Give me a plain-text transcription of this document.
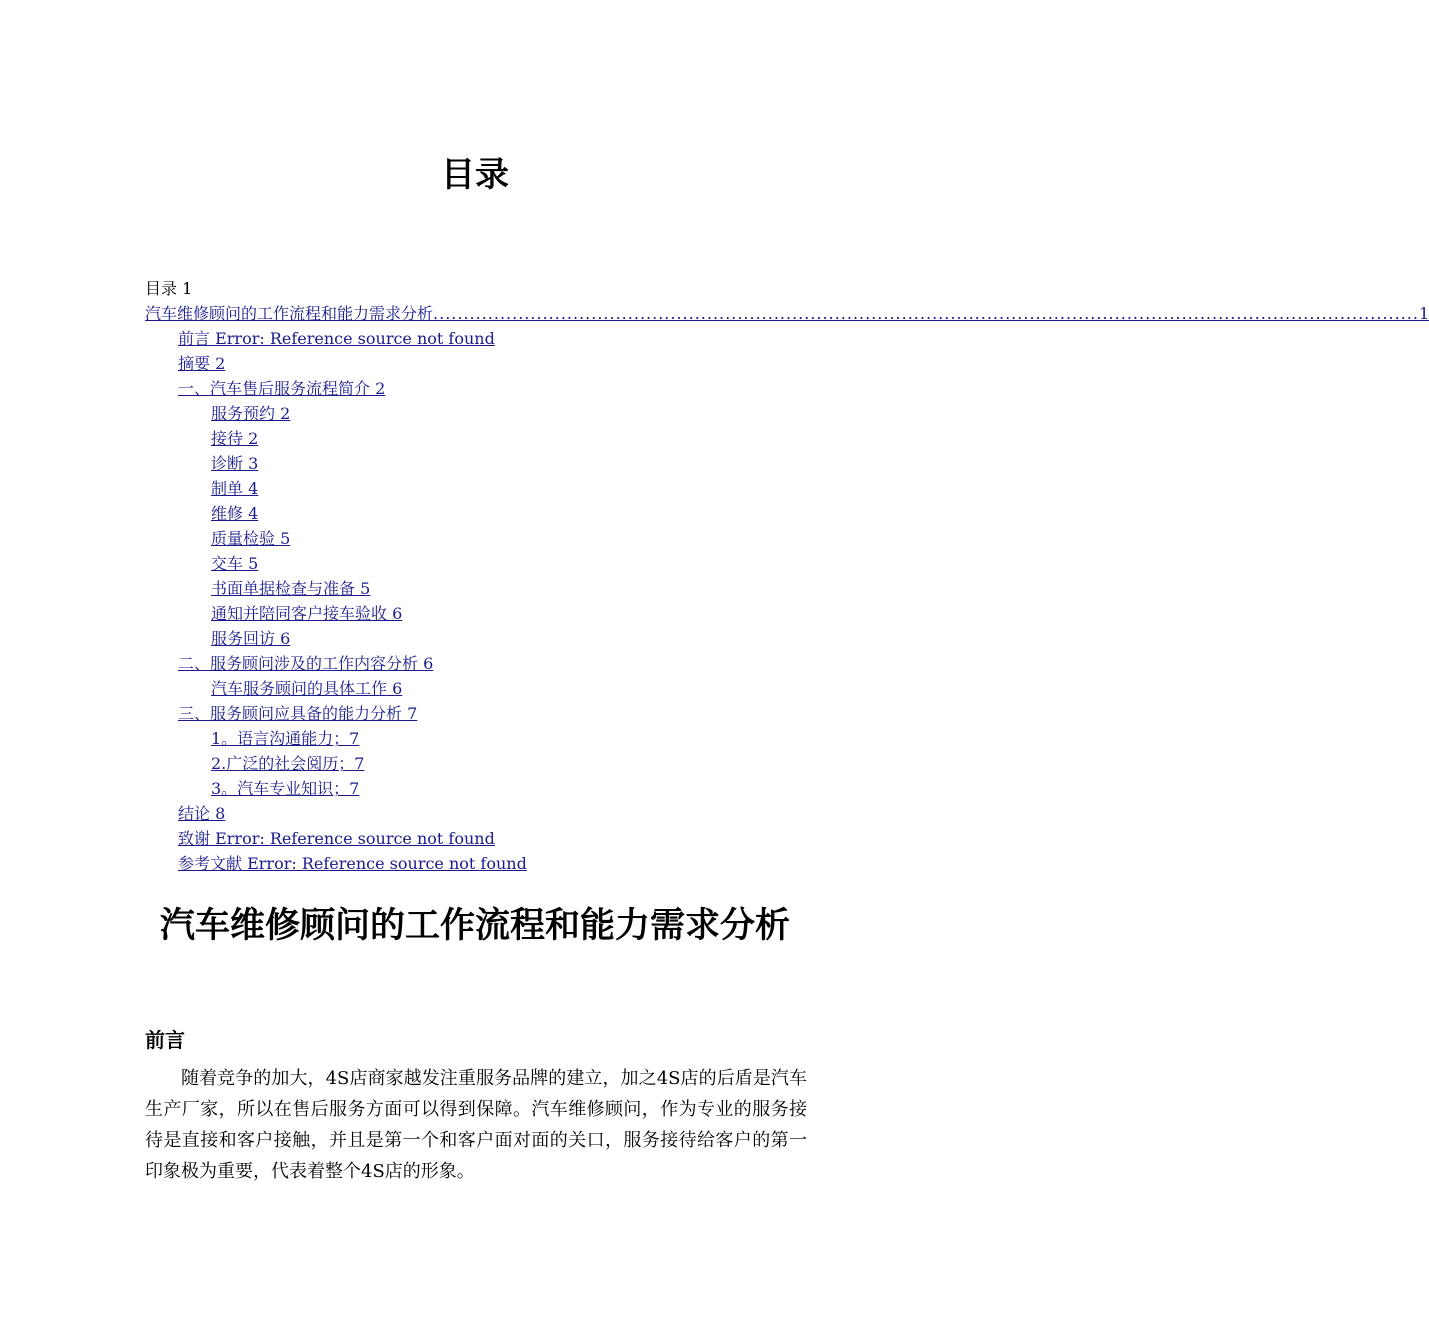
目录
目录 1
汽车维修顾问的工作流程和能力需求分析 .................................................................................................................................................................. 1
前言 Error: Reference source not found
摘要 2
一、汽车售后服务流程简介 2
服务预约 2
接待 2
诊断 3
制单 4
维修 4
质量检验 5
交车 5
书面单据检查与准备 5
通知并陪同客户接车验收 6
服务回访 6
二、服务顾问涉及的工作内容分析 6
汽车服务顾问的具体工作 6
三、服务顾问应具备的能力分析 7
1。语言沟通能力；7
2.广泛的社会阅历；7
3。汽车专业知识；7
结论 8
致谢 Error: Reference source not found
参考文献 Error: Reference source not found
汽车维修顾问的工作流程和能力需求分析
前言

随着竞争的加大，4S店商家越发注重服务品牌的建立，加之4S店的后盾是汽车生产厂家，所以在售后服务方面可以得到保障。汽车维修顾问，作为专业的服务接待是直接和客户接触，并且是第一个和客户面对面的关口，服务接待给客户的第一印象极为重要，代表着整个4S店的形象。
